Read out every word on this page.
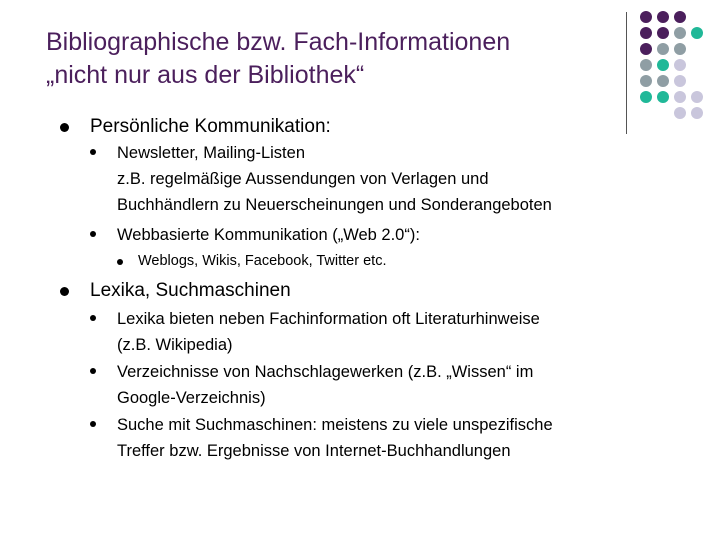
Bibliographische bzw. Fach-Informationen
„nicht nur aus der Bibliothek“
Persönliche Kommunikation:
Newsletter, Mailing-Listen
z.B. regelmäßige Aussendungen von Verlagen und
Buchhändlern zu Neuerscheinungen und Sonderangeboten
Webbasierte Kommunikation („Web 2.0“):
Weblogs, Wikis, Facebook, Twitter etc.
Lexika, Suchmaschinen
Lexika bieten neben Fachinformation oft Literaturhinweise
(z.B. Wikipedia)
Verzeichnisse von Nachschlagewerken (z.B. „Wissen“ im
Google-Verzeichnis)
Suche mit Suchmaschinen: meistens zu viele unspezifische
Treffer bzw. Ergebnisse von Internet-Buchhandlungen
